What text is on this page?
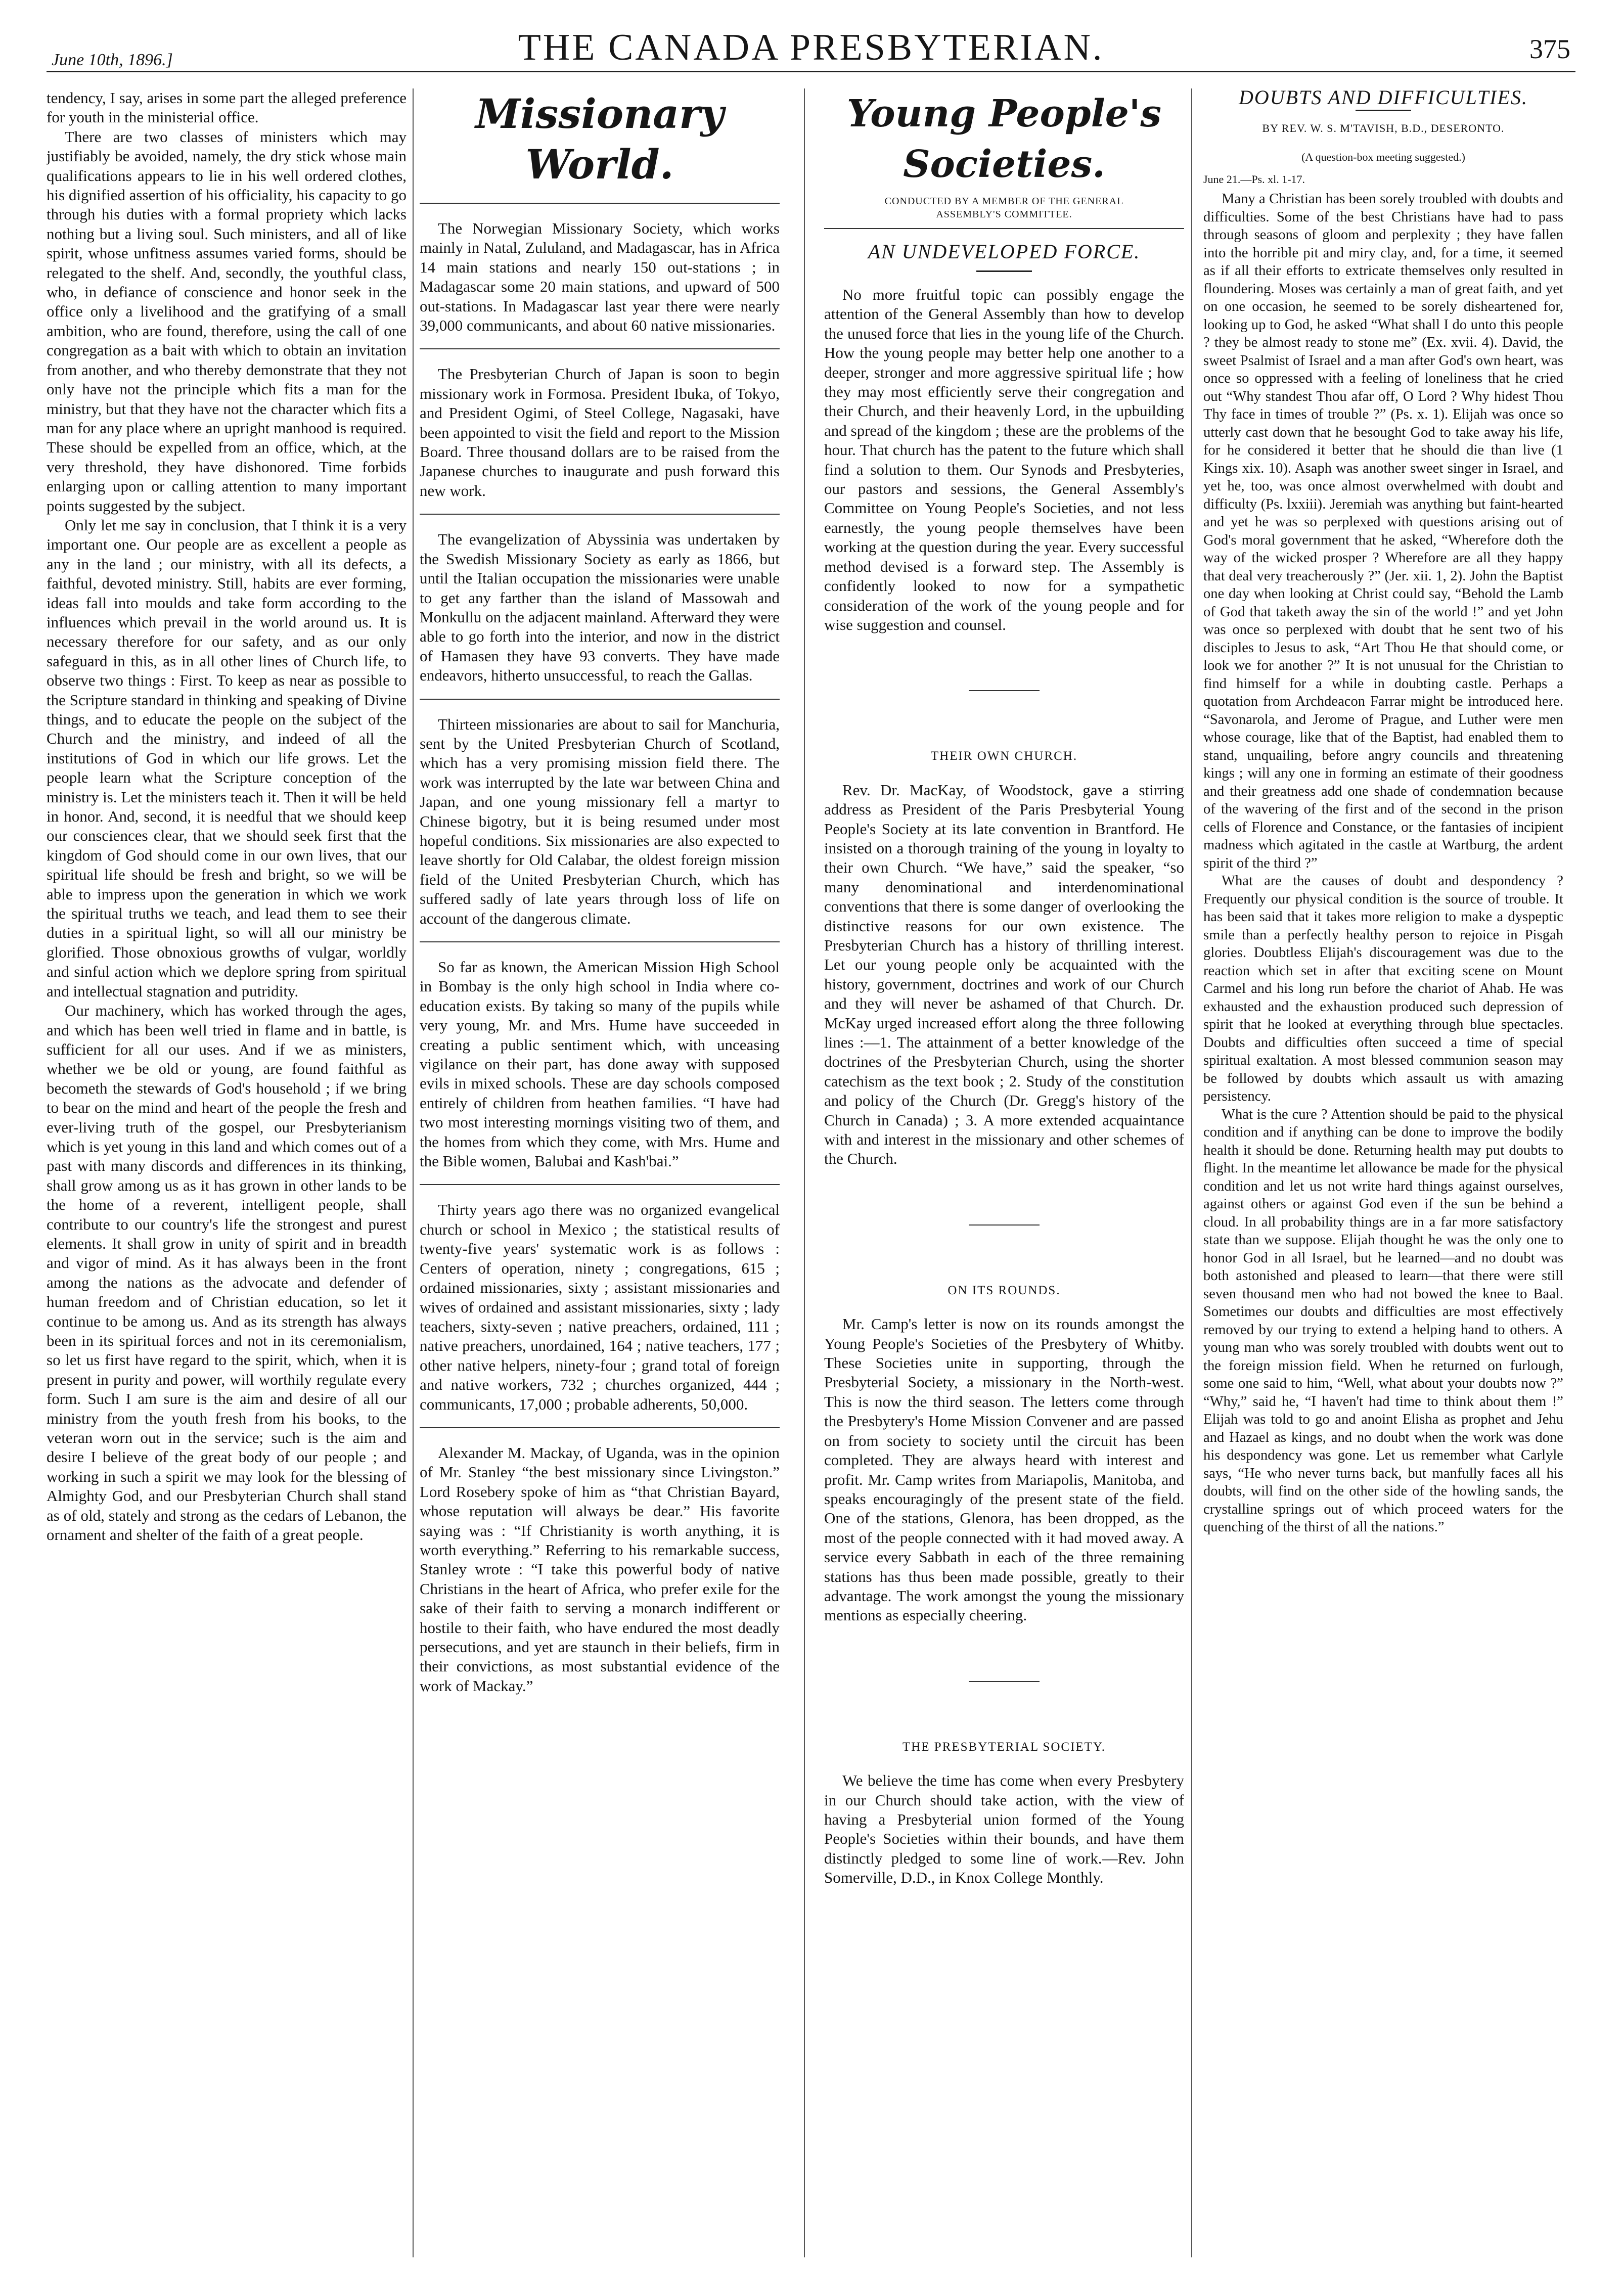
June 10th, 1896.]	THE CANADA PRESBYTERIAN.	375

tendency, I say, arises in some part the alleged preference for youth in the ministerial office.

There are two classes of ministers which may justifiably be avoided, namely, the dry stick whose main qualifications appears to lie in his well ordered clothes, his dignified assertion of his officiality, his capacity to go through his duties with a formal propriety which lacks nothing but a living soul. Such ministers, and all of like spirit, whose unfitness assumes varied forms, should be relegated to the shelf. And, secondly, the youthful class, who, in defiance of conscience and honor seek in the office only a livelihood and the gratifying of a small ambition, who are found, therefore, using the call of one congregation as a bait with which to obtain an invitation from another, and who thereby demonstrate that they not only have not the principle which fits a man for the ministry, but that they have not the character which fits a man for any place where an upright manhood is required. These should be expelled from an office, which, at the very threshold, they have dishonored. Time forbids enlarging upon or calling attention to many important points suggested by the subject.

Only let me say in conclusion, that I think it is a very important one. Our people are as excellent a people as any in the land ; our ministry, with all its defects, a faithful, devoted ministry. Still, habits are ever forming, ideas fall into moulds and take form according to the influences which prevail in the world around us. It is necessary therefore for our safety, and as our only safeguard in this, as in all other lines of Church life, to observe two things : First. To keep as near as possible to the Scripture standard in thinking and speaking of Divine things, and to educate the people on the subject of the Church and the ministry, and indeed of all the institutions of God in which our life grows. Let the people learn what the Scripture conception of the ministry is. Let the ministers teach it. Then it will be held in honor. And, second, it is needful that we should keep our consciences clear, that we should seek first that the kingdom of God should come in our own lives, that our spiritual life should be fresh and bright, so we will be able to impress upon the generation in which we work the spiritual truths we teach, and lead them to see their duties in a spiritual light, so will all our ministry be glorified. Those obnoxious growths of vulgar, worldly and sinful action which we deplore spring from spiritual and intellectual stagnation and putridity.

Our machinery, which has worked through the ages, and which has been well tried in flame and in battle, is sufficient for all our uses. And if we as ministers, whether we be old or young, are found faithful as becometh the stewards of God's household ; if we bring to bear on the mind and heart of the people the fresh and ever-living truth of the gospel, our Presbyterianism which is yet young in this land and which comes out of a past with many discords and differences in its thinking, shall grow among us as it has grown in other lands to be the home of a reverent, intelligent people, shall contribute to our country's life the strongest and purest elements. It shall grow in unity of spirit and in breadth and vigor of mind. As it has always been in the front among the nations as the advocate and defender of human freedom and of Christian education, so let it continue to be among us. And as its strength has always been in its spiritual forces and not in its ceremonialism, so let us first have regard to the spirit, which, when it is present in purity and power, will worthily regulate every form. Such I am sure is the aim and desire of all our ministry from the youth fresh from his books, to the veteran worn out in the service; such is the aim and desire I believe of the great body of our people ; and working in such a spirit we may look for the blessing of Almighty God, and our Presbyterian Church shall stand as of old, stately and strong as the cedars of Lebanon, the ornament and shelter of the faith of a great people.

Missionary World.

The Norwegian Missionary Society, which works mainly in Natal, Zululand, and Madagascar, has in Africa 14 main stations and nearly 150 out-stations ; in Madagascar some 20 main stations, and upward of 500 out-stations. In Madagascar last year there were nearly 39,000 communicants, and about 60 native missionaries.

The Presbyterian Church of Japan is soon to begin missionary work in Formosa. President Ibuka, of Tokyo, and President Ogimi, of Steel College, Nagasaki, have been appointed to visit the field and report to the Mission Board. Three thousand dollars are to be raised from the Japanese churches to inaugurate and push forward this new work.

The evangelization of Abyssinia was undertaken by the Swedish Missionary Society as early as 1866, but until the Italian occupation the missionaries were unable to get any farther than the island of Massowah and Monkullu on the adjacent mainland. Afterward they were able to go forth into the interior, and now in the district of Hamasen they have 93 converts. They have made endeavors, hitherto unsuccessful, to reach the Gallas.

Thirteen missionaries are about to sail for Manchuria, sent by the United Presbyterian Church of Scotland, which has a very promising mission field there. The work was interrupted by the late war between China and Japan, and one young missionary fell a martyr to Chinese bigotry, but it is being resumed under most hopeful conditions. Six missionaries are also expected to leave shortly for Old Calabar, the oldest foreign mission field of the United Presbyterian Church, which has suffered sadly of late years through loss of life on account of the dangerous climate.

So far as known, the American Mission High School in Bombay is the only high school in India where co-education exists. By taking so many of the pupils while very young, Mr. and Mrs. Hume have succeeded in creating a public sentiment which, with unceasing vigilance on their part, has done away with supposed evils in mixed schools. These are day schools composed entirely of children from heathen families. “I have had two most interesting mornings visiting two of them, and the homes from which they come, with Mrs. Hume and the Bible women, Balubai and Kash'bai.”

Thirty years ago there was no organized evangelical church or school in Mexico ; the statistical results of twenty-five years' systematic work is as follows : Centers of operation, ninety ; congregations, 615 ; ordained missionaries, sixty ; assistant missionaries and wives of ordained and assistant missionaries, sixty ; lady teachers, sixty-seven ; native preachers, ordained, 111 ; native preachers, unordained, 164 ; native teachers, 177 ; other native helpers, ninety-four ; grand total of foreign and native workers, 732 ; churches organized, 444 ; communicants, 17,000 ; probable adherents, 50,000.

Alexander M. Mackay, of Uganda, was in the opinion of Mr. Stanley “the best missionary since Livingston.” Lord Rosebery spoke of him as “that Christian Bayard, whose reputation will always be dear.” His favorite saying was : “If Christianity is worth anything, it is worth everything.” Referring to his remarkable success, Stanley wrote : “I take this powerful body of native Christians in the heart of Africa, who prefer exile for the sake of their faith to serving a monarch indifferent or hostile to their faith, who have endured the most deadly persecutions, and yet are staunch in their beliefs, firm in their convictions, as most substantial evidence of the work of Mackay.”

Young People's Societies.
CONDUCTED BY A MEMBER OF THE GENERAL
ASSEMBLY'S COMMITTEE.
AN UNDEVELOPED FORCE.

No more fruitful topic can possibly engage the attention of the General Assembly than how to develop the unused force that lies in the young life of the Church. How the young people may better help one another to a deeper, stronger and more aggressive spiritual life ; how they may most efficiently serve their congregation and their Church, and their heavenly Lord, in the upbuilding and spread of the kingdom ; these are the problems of the hour. That church has the patent to the future which shall find a solution to them. Our Synods and Presbyteries, our pastors and sessions, the General Assembly's Committee on Young People's Societies, and not less earnestly, the young people themselves have been working at the question during the year. Every successful method devised is a forward step. The Assembly is confidently looked to now for a sympathetic consideration of the work of the young people and for wise suggestion and counsel.

THEIR OWN CHURCH.

Rev. Dr. MacKay, of Woodstock, gave a stirring address as President of the Paris Presbyterial Young People's Society at its late convention in Brantford. He insisted on a thorough training of the young in loyalty to their own Church. “We have,” said the speaker, “so many denominational and interdenominational conventions that there is some danger of overlooking the distinctive reasons for our own existence. The Presbyterian Church has a history of thrilling interest. Let our young people only be acquainted with the history, government, doctrines and work of our Church and they will never be ashamed of that Church. Dr. McKay urged increased effort along the three following lines :—1. The attainment of a better knowledge of the doctrines of the Presbyterian Church, using the shorter catechism as the text book ; 2. Study of the constitution and policy of the Church (Dr. Gregg's history of the Church in Canada) ; 3. A more extended acquaintance with and interest in the missionary and other schemes of the Church.

ON ITS ROUNDS.

Mr. Camp's letter is now on its rounds amongst the Young People's Societies of the Presbytery of Whitby. These Societies unite in supporting, through the Presbyterial Society, a missionary in the North-west. This is now the third season. The letters come through the Presbytery's Home Mission Convener and are passed on from society to society until the circuit has been completed. They are always heard with interest and profit. Mr. Camp writes from Mariapolis, Manitoba, and speaks encouragingly of the present state of the field. One of the stations, Glenora, has been dropped, as the most of the people connected with it had moved away. A service every Sabbath in each of the three remaining stations has thus been made possible, greatly to their advantage. The work amongst the young the missionary mentions as especially cheering.

THE PRESBYTERIAL SOCIETY.

We believe the time has come when every Presbytery in our Church should take action, with the view of having a Presbyterial union formed of the Young People's Societies within their bounds, and have them distinctly pledged to some line of work.—Rev. John Somerville, D.D., in Knox College Monthly.

DOUBTS AND DIFFICULTIES.
BY REV. W. S. M'TAVISH, B.D., DESERONTO.
(A question-box meeting suggested.)
June 21.—Ps. xl. 1-17.

Many a Christian has been sorely troubled with doubts and difficulties. Some of the best Christians have had to pass through seasons of gloom and perplexity ; they have fallen into the horrible pit and miry clay, and, for a time, it seemed as if all their efforts to extricate themselves only resulted in floundering. Moses was certainly a man of great faith, and yet on one occasion, he seemed to be sorely disheartened for, looking up to God, he asked “What shall I do unto this people ? they be almost ready to stone me” (Ex. xvii. 4). David, the sweet Psalmist of Israel and a man after God's own heart, was once so oppressed with a feeling of loneliness that he cried out “Why standest Thou afar off, O Lord ? Why hidest Thou Thy face in times of trouble ?” (Ps. x. 1). Elijah was once so utterly cast down that he besought God to take away his life, for he considered it better that he should die than live (1 Kings xix. 10). Asaph was another sweet singer in Israel, and yet he, too, was once almost overwhelmed with doubt and difficulty (Ps. lxxiii). Jeremiah was anything but faint-hearted and yet he was so perplexed with questions arising out of God's moral government that he asked, “Wherefore doth the way of the wicked prosper ? Wherefore are all they happy that deal very treacherously ?” (Jer. xii. 1, 2). John the Baptist one day when looking at Christ could say, “Behold the Lamb of God that taketh away the sin of the world !” and yet John was once so perplexed with doubt that he sent two of his disciples to Jesus to ask, “Art Thou He that should come, or look we for another ?” It is not unusual for the Christian to find himself for a while in doubting castle. Perhaps a quotation from Archdeacon Farrar might be introduced here. “Savonarola, and Jerome of Prague, and Luther were men whose courage, like that of the Baptist, had enabled them to stand, unquailing, before angry councils and threatening kings ; will any one in forming an estimate of their goodness and their greatness add one shade of condemnation because of the wavering of the first and of the second in the prison cells of Florence and Constance, or the fantasies of incipient madness which agitated in the castle at Wartburg, the ardent spirit of the third ?”

What are the causes of doubt and despondency ? Frequently our physical condition is the source of trouble. It has been said that it takes more religion to make a dyspeptic smile than a perfectly healthy person to rejoice in Pisgah glories. Doubtless Elijah's discouragement was due to the reaction which set in after that exciting scene on Mount Carmel and his long run before the chariot of Ahab. He was exhausted and the exhaustion produced such depression of spirit that he looked at everything through blue spectacles. Doubts and difficulties often succeed a time of special spiritual exaltation. A most blessed communion season may be followed by doubts which assault us with amazing persistency.

What is the cure ? Attention should be paid to the physical condition and if anything can be done to improve the bodily health it should be done. Returning health may put doubts to flight. In the meantime let allowance be made for the physical condition and let us not write hard things against ourselves, against others or against God even if the sun be behind a cloud. In all probability things are in a far more satisfactory state than we suppose. Elijah thought he was the only one to honor God in all Israel, but he learned—and no doubt was both astonished and pleased to learn—that there were still seven thousand men who had not bowed the knee to Baal. Sometimes our doubts and difficulties are most effectively removed by our trying to extend a helping hand to others. A young man who was sorely troubled with doubts went out to the foreign mission field. When he returned on furlough, some one said to him, “Well, what about your doubts now ?” “Why,” said he, “I haven't had time to think about them !” Elijah was told to go and anoint Elisha as prophet and Jehu and Hazael as kings, and no doubt when the work was done his despondency was gone. Let us remember what Carlyle says, “He who never turns back, but manfully faces all his doubts, will find on the other side of the howling sands, the crystalline springs out of which proceed waters for the quenching of the thirst of all the nations.”
